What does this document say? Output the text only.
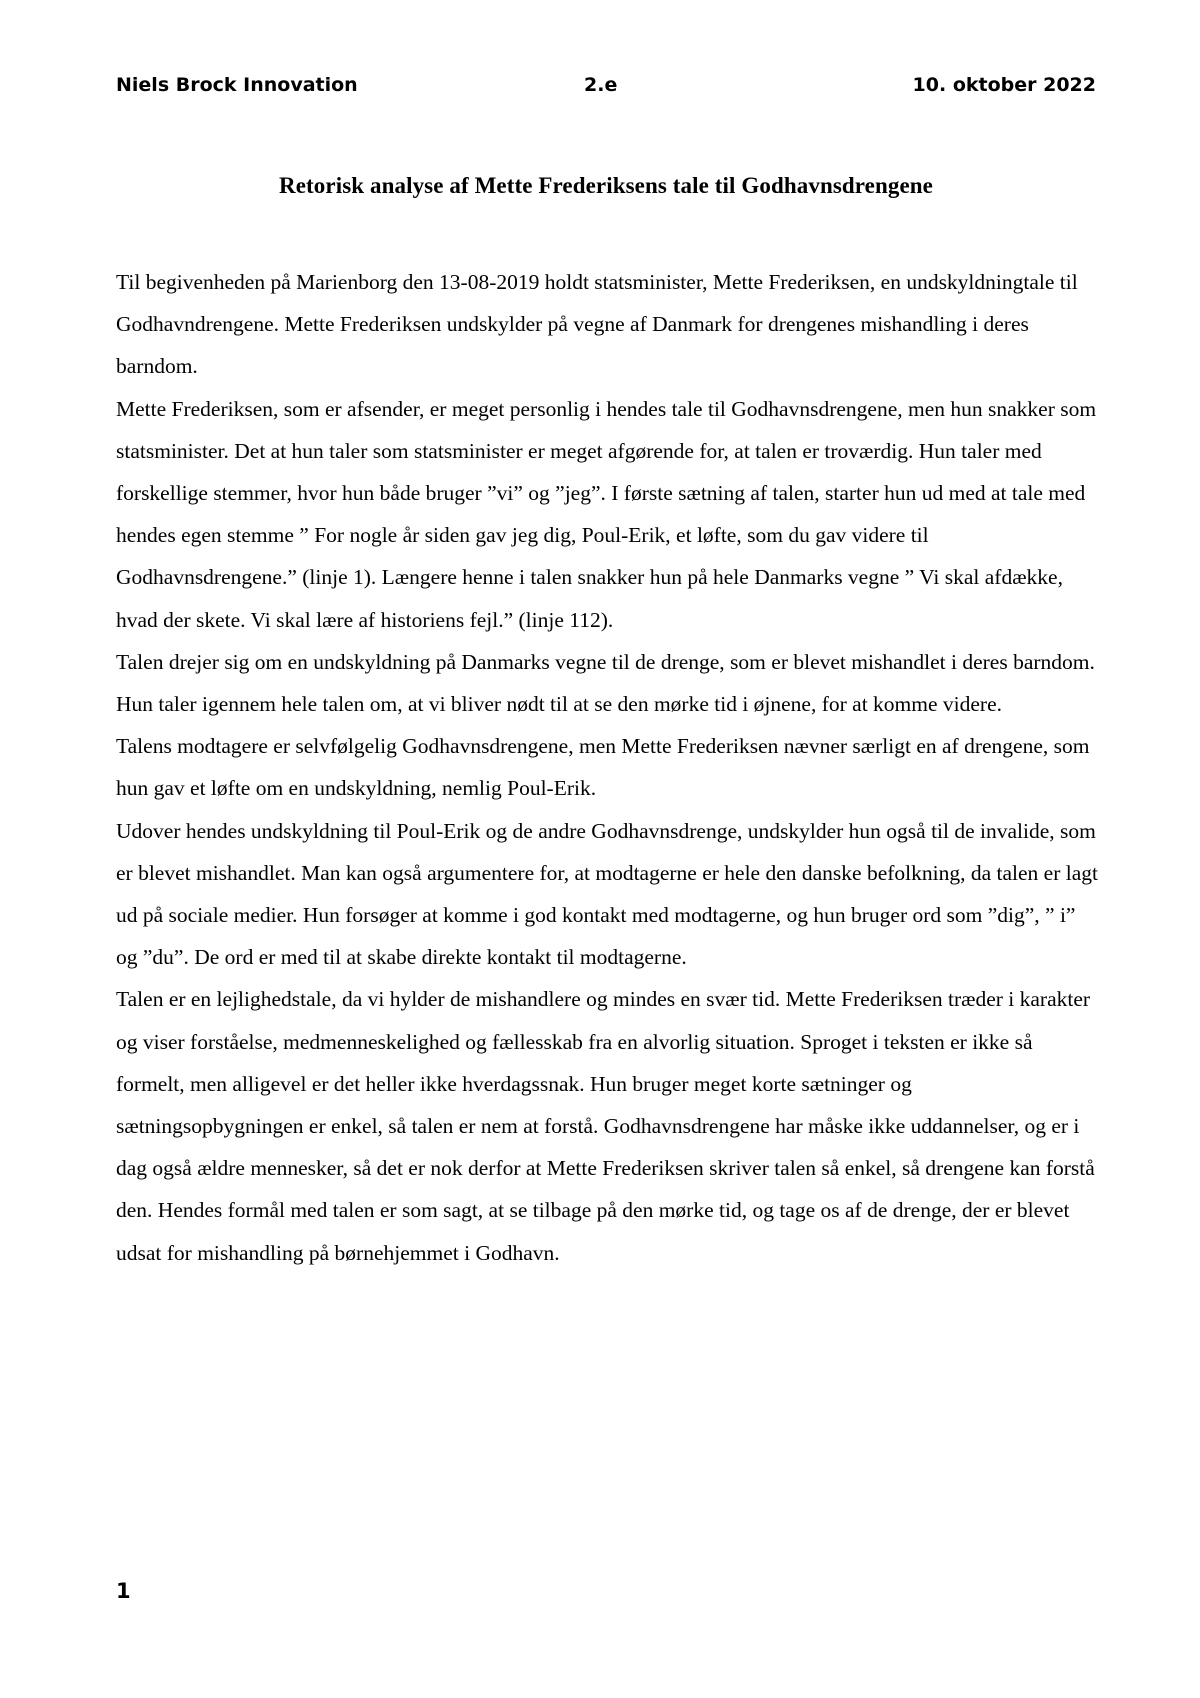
Niels Brock Innovation	2.e	10. oktober 2022
Retorisk analyse af Mette Frederiksens tale til Godhavnsdrengene

Til begivenheden på Marienborg den 13-08-2019 holdt statsminister, Mette Frederiksen, en undskyldningtale til Godhavndrengene. Mette Frederiksen undskylder på vegne af Danmark for drengenes mishandling i deres barndom.

Mette Frederiksen, som er afsender, er meget personlig i hendes tale til Godhavnsdrengene, men hun snakker som statsminister. Det at hun taler som statsminister er meget afgørende for, at talen er troværdig. Hun taler med forskellige stemmer, hvor hun både bruger ”vi” og ”jeg”. I første sætning af talen, starter hun ud med at tale med hendes egen stemme ” For nogle år siden gav jeg dig, Poul-Erik, et løfte, som du gav videre til Godhavnsdrengene.” (linje 1). Længere henne i talen snakker hun på hele Danmarks vegne ” Vi skal afdække, hvad der skete. Vi skal lære af historiens fejl.” (linje 112).

Talen drejer sig om en undskyldning på Danmarks vegne til de drenge, som er blevet mishandlet i deres barndom. Hun taler igennem hele talen om, at vi bliver nødt til at se den mørke tid i øjnene, for at komme videre.

Talens modtagere er selvfølgelig Godhavnsdrengene, men Mette Frederiksen nævner særligt en af drengene, som hun gav et løfte om en undskyldning, nemlig Poul-Erik.

Udover hendes undskyldning til Poul-Erik og de andre Godhavnsdrenge, undskylder hun også til de invalide, som er blevet mishandlet. Man kan også argumentere for, at modtagerne er hele den danske befolkning, da talen er lagt ud på sociale medier. Hun forsøger at komme i god kontakt med modtagerne, og hun bruger ord som ”dig”, ” i” og ”du”. De ord er med til at skabe direkte kontakt til modtagerne.

Talen er en lejlighedstale, da vi hylder de mishandlere og mindes en svær tid. Mette Frederiksen træder i karakter og viser forståelse, medmenneskelighed og fællesskab fra en alvorlig situation. Sproget i teksten er ikke så formelt, men alligevel er det heller ikke hverdagssnak. Hun bruger meget korte sætninger og sætningsopbygningen er enkel, så talen er nem at forstå. Godhavnsdrengene har måske ikke uddannelser, og er i dag også ældre mennesker, så det er nok derfor at Mette Frederiksen skriver talen så enkel, så drengene kan forstå den. Hendes formål med talen er som sagt, at se tilbage på den mørke tid, og tage os af de drenge, der er blevet udsat for mishandling på børnehjemmet i Godhavn.

1
